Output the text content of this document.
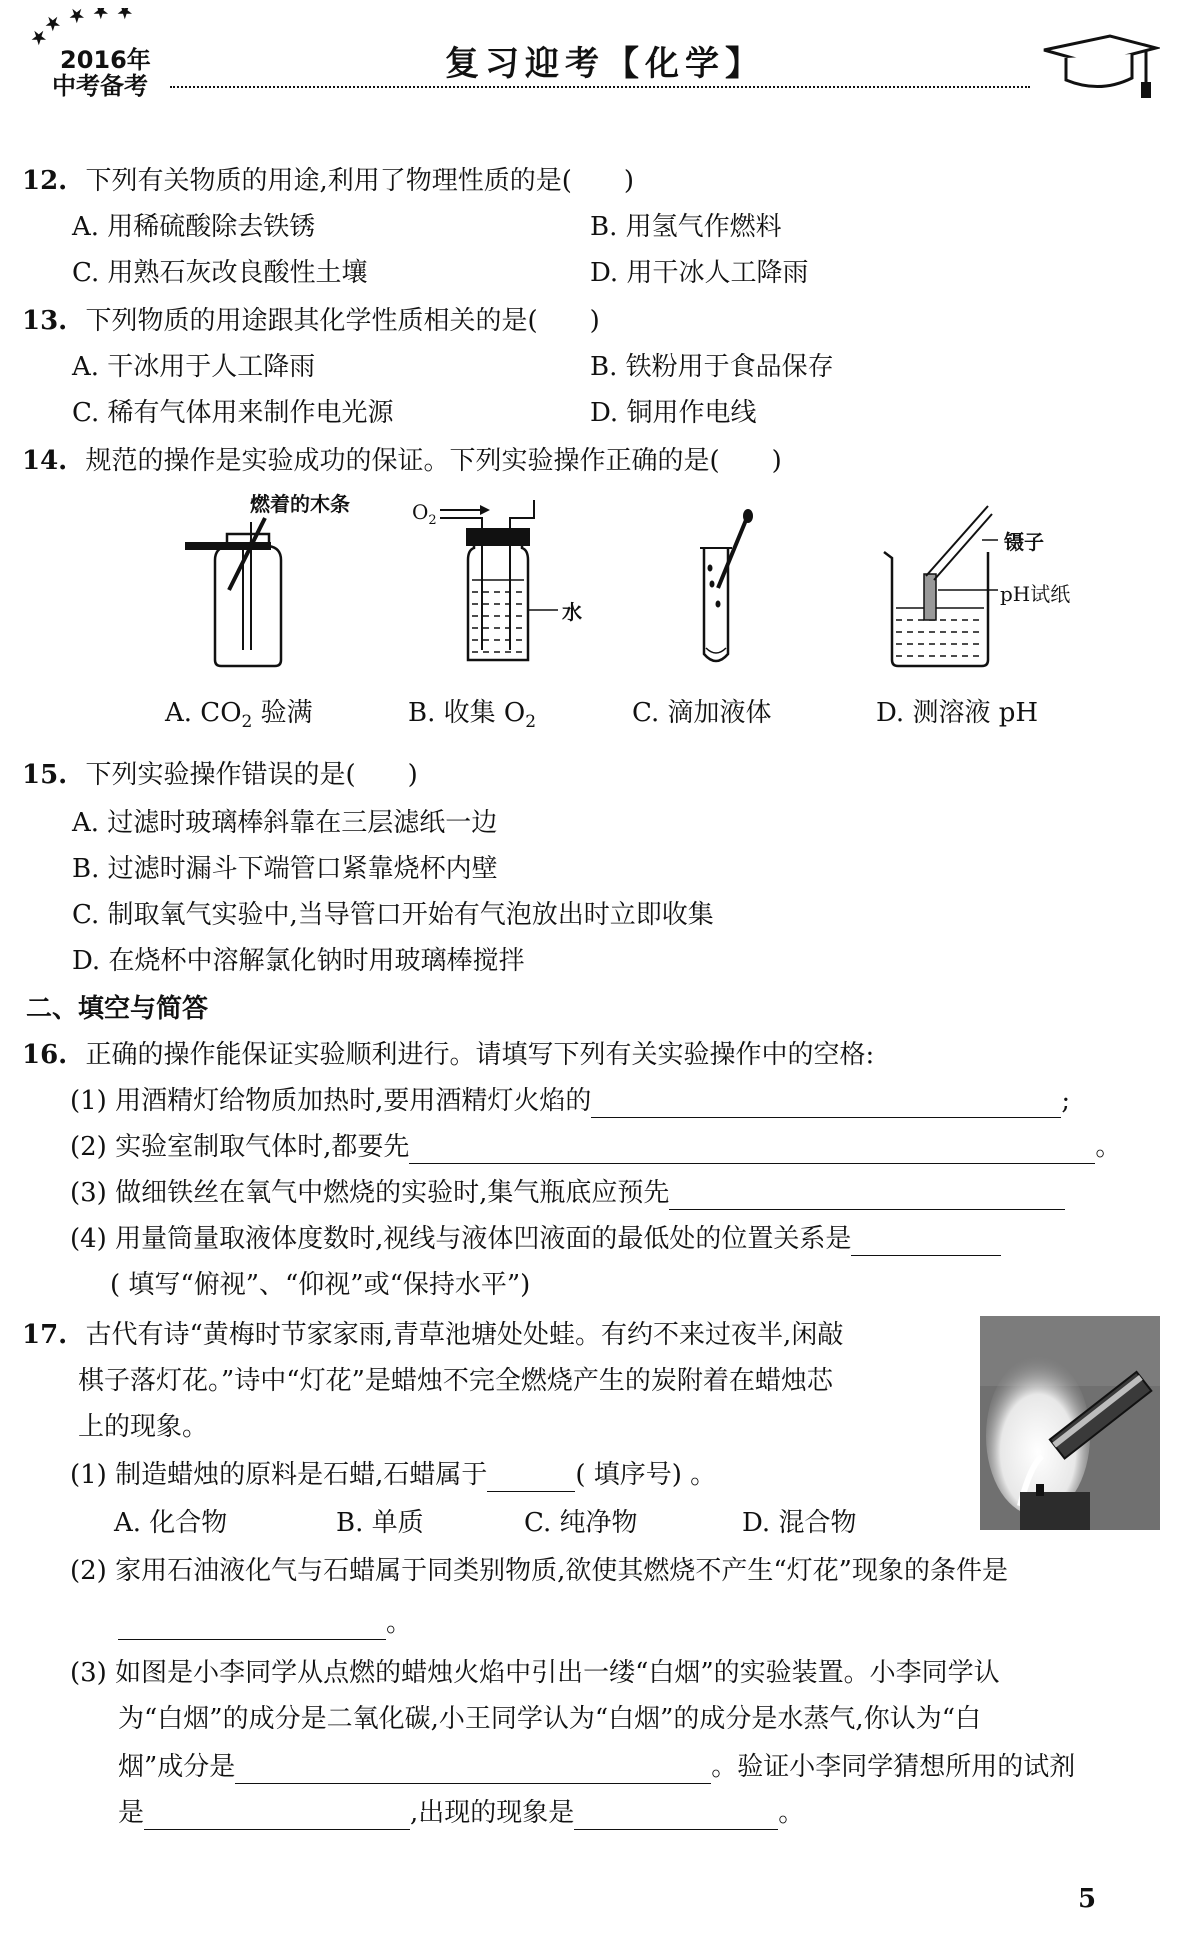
2016年
中考备考
复习迎考【化学】
12. 下列有关物质的用途,利用了物理性质的是(　　)
A. 用稀硫酸除去铁锈	B. 用氢气作燃料
C. 用熟石灰改良酸性土壤	D. 用干冰人工降雨
13. 下列物质的用途跟其化学性质相关的是(　　)
A. 干冰用于人工降雨	B. 铁粉用于食品保存
C. 稀有气体用来制作电光源	D. 铜用作电线
14. 规范的操作是实验成功的保证。下列实验操作正确的是(　　)
燃着的木条	$O_2$
水
镊子
pH试纸
A. $CO_2$ 验满	B. 收集 $O_2$	C. 滴加液体	D. 测溶液 pH
15. 下列实验操作错误的是(　　)
A. 过滤时玻璃棒斜靠在三层滤纸一边
B. 过滤时漏斗下端管口紧靠烧杯内壁
C. 制取氧气实验中,当导管口开始有气泡放出时立即收集
D. 在烧杯中溶解氯化钠时用玻璃棒搅拌
二、填空与简答
16. 正确的操作能保证实验顺利进行。请填写下列有关实验操作中的空格:
(1) 用酒精灯给物质加热时,要用酒精灯火焰的	;
(2) 实验室制取气体时,都要先	。
(3) 做细铁丝在氧气中燃烧的实验时,集气瓶底应预先
(4) 用量筒量取液体度数时,视线与液体凹液面的最低处的位置关系是
( 填写“俯视”、“仰视”或“保持水平”)
17. 古代有诗“黄梅时节家家雨,青草池塘处处蛙。有约不来过夜半,闲敲
棋子落灯花。”诗中“灯花”是蜡烛不完全燃烧产生的炭附着在蜡烛芯
上的现象。
(1) 制造蜡烛的原料是石蜡,石蜡属于	( 填序号) 。
A. 化合物	B. 单质	C. 纯净物	D. 混合物
(2) 家用石油液化气与石蜡属于同类别物质,欲使其燃烧不产生“灯花”现象的条件是
。
(3) 如图是小李同学从点燃的蜡烛火焰中引出一缕“白烟”的实验装置。小李同学认
为“白烟”的成分是二氧化碳,小王同学认为“白烟”的成分是水蒸气,你认为“白
烟”成分是	。验证小李同学猜想所用的试剂
是	,出现的现象是	。
5
